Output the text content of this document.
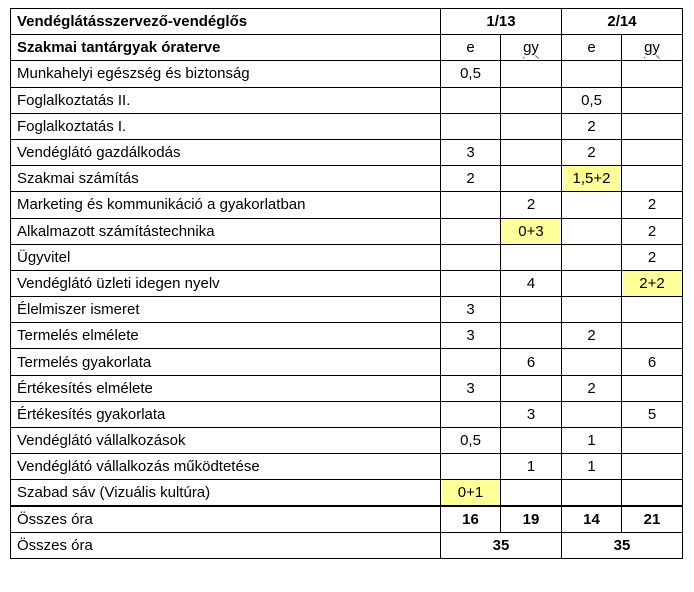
Vendéglátásszervező-vendéglős	1/13		2/14	
Szakmai tantárgyak óraterve	e	gy	e	gy
Munkahelyi egészség és biztonság	0,5			
Foglalkoztatás II.			0,5	
Foglalkoztatás I.			2	
Vendéglátó gazdálkodás	3		2	
Szakmai számítás	2		1,5+2	

Marketing és kommunikáció a gyakorlatban		2		2
Alkalmazott számítástechnika		0+3		2
Ügyvitel				2
Vendéglátó üzleti idegen nyelv		4		2+2

Élelmiszer ismeret	3			
Termelés elmélete	3		2	
Termelés gyakorlata		6		6
Értékesítés elmélete	3		2	
Értékesítés gyakorlata		3		5
Vendéglátó vállalkozások	0,5		1	
Vendéglátó vállalkozás működtetése		1	1	
Szabad sáv (Vizuális kultúra)	0+1			

Összes óra	16	19	14	21
Összes óra	35		35	
